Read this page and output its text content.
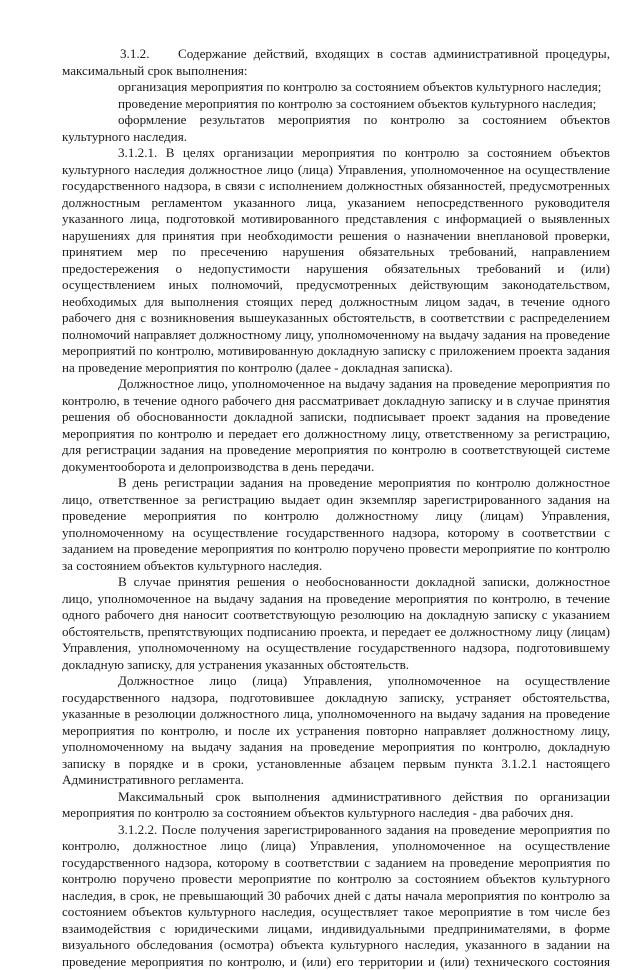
3.1.2. Содержание действий, входящих в состав административной процедуры, максимальный срок выполнения:

организация мероприятия по контролю за состоянием объектов культурного наследия;

проведение мероприятия по контролю за состоянием объектов культурного наследия;

оформление результатов мероприятия по контролю за состоянием объектов культурного наследия.

3.1.2.1. В целях организации мероприятия по контролю за состоянием объектов культурного наследия должностное лицо (лица) Управления, уполномоченное на осуществление государственного надзора, в связи с исполнением должностных обязанностей, предусмотренных должностным регламентом указанного лица, указанием непосредственного руководителя указанного лица, подготовкой мотивированного представления с информацией о выявленных нарушениях для принятия при необходимости решения о назначении внеплановой проверки, принятием мер по пресечению нарушения обязательных требований, направлением предостережения о недопустимости нарушения обязательных требований и (или) осуществлением иных полномочий, предусмотренных действующим законодательством, необходимых для выполнения стоящих перед должностным лицом задач, в течение одного рабочего дня с возникновения вышеуказанных обстоятельств, в соответствии с распределением полномочий направляет должностному лицу, уполномоченному на выдачу задания на проведение мероприятий по контролю, мотивированную докладную записку с приложением проекта задания на проведение мероприятия по контролю (далее - докладная записка).

Должностное лицо, уполномоченное на выдачу задания на проведение мероприятия по контролю, в течение одного рабочего дня рассматривает докладную записку и в случае принятия решения об обоснованности докладной записки, подписывает проект задания на проведение мероприятия по контролю и передает его должностному лицу, ответственному за регистрацию, для регистрации задания на проведение мероприятия по контролю в соответствующей системе документооборота и делопроизводства в день передачи.

В день регистрации задания на проведение мероприятия по контролю должностное лицо, ответственное за регистрацию выдает один экземпляр зарегистрированного задания на проведение мероприятия по контролю должностному лицу (лицам) Управления, уполномоченному на осуществление государственного надзора, которому в соответствии с заданием на проведение мероприятия по контролю поручено провести мероприятие по контролю за состоянием объектов культурного наследия.

В случае принятия решения о необоснованности докладной записки, должностное лицо, уполномоченное на выдачу задания на проведение мероприятия по контролю, в течение одного рабочего дня наносит соответствующую резолюцию на докладную записку с указанием обстоятельств, препятствующих подписанию проекта, и передает ее должностному лицу (лицам) Управления, уполномоченному на осуществление государственного надзора, подготовившему докладную записку, для устранения указанных обстоятельств.

Должностное лицо (лица) Управления, уполномоченное на осуществление государственного надзора, подготовившее докладную записку, устраняет обстоятельства, указанные в резолюции должностного лица, уполномоченного на выдачу задания на проведение мероприятия по контролю, и после их устранения повторно направляет должностному лицу, уполномоченному на выдачу задания на проведение мероприятия по контролю, докладную записку в порядке и в сроки, установленные абзацем первым пункта 3.1.2.1 настоящего Административного регламента.

Максимальный срок выполнения административного действия по организации мероприятия по контролю за состоянием объектов культурного наследия - два рабочих дня.

3.1.2.2. После получения зарегистрированного задания на проведение мероприятия по контролю, должностное лицо (лица) Управления, уполномоченное на осуществление государственного надзора, которому в соответствии с заданием на проведение мероприятия по контролю поручено провести мероприятие по контролю за состоянием объектов культурного наследия, в срок, не превышающий 30 рабочих дней с даты начала мероприятия по контролю за состоянием объектов культурного наследия, осуществляет такое мероприятие в том числе без взаимодействия с юридическими лицами, индивидуальными предпринимателями, в форме визуального обследования (осмотра) объекта культурного наследия, указанного в задании на проведение мероприятия по контролю, и (или) его территории и (или) технического состояния
